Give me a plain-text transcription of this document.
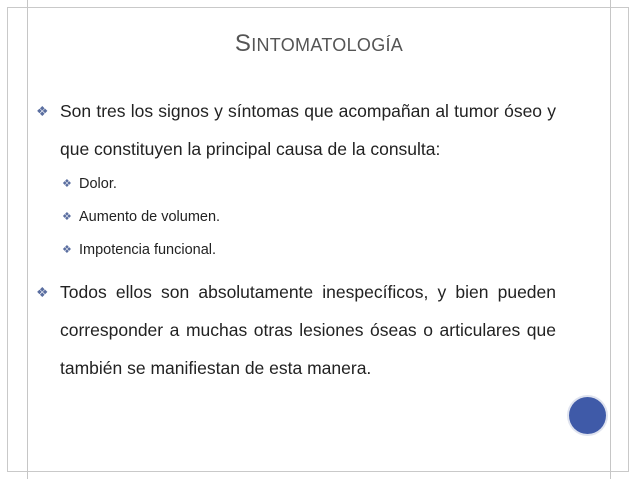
SINTOMATOLOGÍA
❖ Son tres los signos y síntomas que acompañan al tumor óseo y que constituyen la principal causa de la consulta:
❖ Dolor.
❖ Aumento de volumen.
❖ Impotencia funcional.
❖ Todos ellos son absolutamente inespecíficos, y bien pueden corresponder a muchas otras lesiones óseas o articulares que también se manifiestan de esta manera.
